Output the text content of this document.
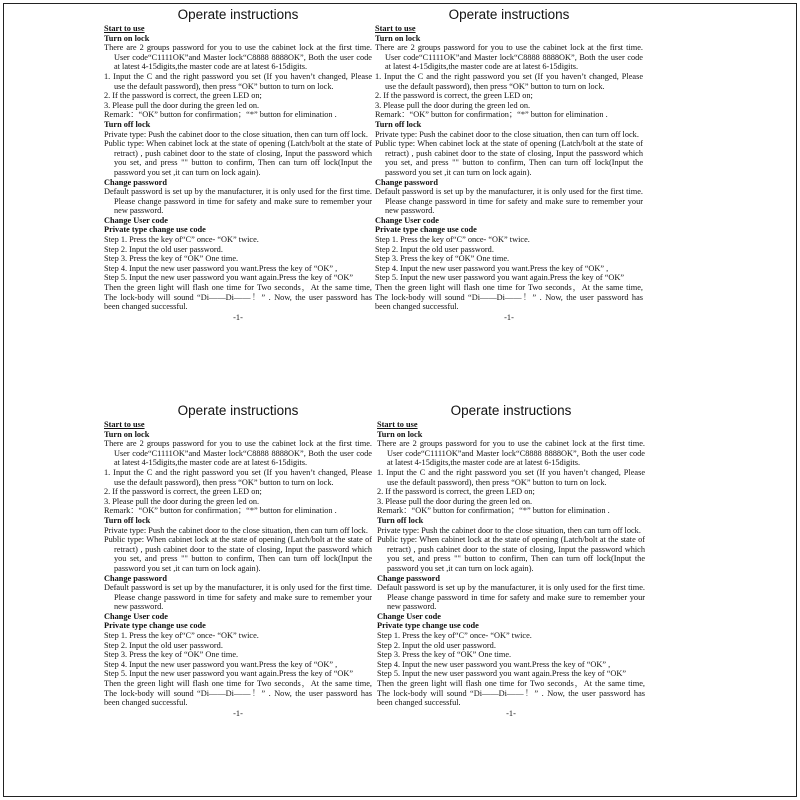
Operate instructions

Start to use

Turn on lock

There are 2 groups password for you to use the cabinet lock at the first time. User code“C1111OK”and Master lock“C8888 8888OK”, Both the user code at latest 4-15digits,the master code are at latest 6-15digits.

1. Input the C and the right password you set (If you haven’t changed, Please use the default password), then press “OK” button to turn on lock.

2. If the password is correct, the green LED on;

3. Please pull the door during the green led on.

Remark：“OK” button for confirmation；“*” button for elimination .

Turn off lock

Private type: Push the cabinet door to the close situation, then can turn off lock.

Public type: When cabinet lock at the state of opening (Latch/bolt at the state of retract) , push cabinet door to the state of closing, Input the password which you set, and press "" button to confirm, Then can turn off lock(Input the password you set ,it can turn on lock again).

Change password

Default password is set up by the manufacturer, it is only used for the first time. Please change password in time for safety and make sure to remember your new password.

Change User code

Private type change use code

Step 1. Press the key of“C” once- “OK” twice.

Step 2. Input the old user password.

Step 3. Press the key of “OK” One time.

Step 4. Input the new user password you want.Press the key of “OK” ,

Step 5. Input the new user password you want again.Press the key of “OK”

Then the green light will flash one time for Two seconds，At the same time, The lock-body will sound “Di——Di——！” . Now, the user password has been changed successful.

-1-
Operate instructions

Start to use

Turn on lock

There are 2 groups password for you to use the cabinet lock at the first time. User code“C1111OK”and Master lock“C8888 8888OK”, Both the user code at latest 4-15digits,the master code are at latest 6-15digits.

1. Input the C and the right password you set (If you haven’t changed, Please use the default password), then press “OK” button to turn on lock.

2. If the password is correct, the green LED on;

3. Please pull the door during the green led on.

Remark：“OK” button for confirmation；“*” button for elimination .

Turn off lock

Private type: Push the cabinet door to the close situation, then can turn off lock.

Public type: When cabinet lock at the state of opening (Latch/bolt at the state of retract) , push cabinet door to the state of closing, Input the password which you set, and press "" button to confirm, Then can turn off lock(Input the password you set ,it can turn on lock again).

Change password

Default password is set up by the manufacturer, it is only used for the first time. Please change password in time for safety and make sure to remember your new password.

Change User code

Private type change use code

Step 1. Press the key of“C” once- “OK” twice.

Step 2. Input the old user password.

Step 3. Press the key of “OK” One time.

Step 4. Input the new user password you want.Press the key of “OK” ,

Step 5. Input the new user password you want again.Press the key of “OK”

Then the green light will flash one time for Two seconds，At the same time, The lock-body will sound “Di——Di——！” . Now, the user password has been changed successful.

-1-
Operate instructions

Start to use

Turn on lock

There are 2 groups password for you to use the cabinet lock at the first time. User code“C1111OK”and Master lock“C8888 8888OK”, Both the user code at latest 4-15digits,the master code are at latest 6-15digits.

1. Input the C and the right password you set (If you haven’t changed, Please use the default password), then press “OK” button to turn on lock.

2. If the password is correct, the green LED on;

3. Please pull the door during the green led on.

Remark：“OK” button for confirmation；“*” button for elimination .

Turn off lock

Private type: Push the cabinet door to the close situation, then can turn off lock.

Public type: When cabinet lock at the state of opening (Latch/bolt at the state of retract) , push cabinet door to the state of closing, Input the password which you set, and press "" button to confirm, Then can turn off lock(Input the password you set ,it can turn on lock again).

Change password

Default password is set up by the manufacturer, it is only used for the first time. Please change password in time for safety and make sure to remember your new password.

Change User code

Private type change use code

Step 1. Press the key of“C” once- “OK” twice.

Step 2. Input the old user password.

Step 3. Press the key of “OK” One time.

Step 4. Input the new user password you want.Press the key of “OK” ,

Step 5. Input the new user password you want again.Press the key of “OK”

Then the green light will flash one time for Two seconds，At the same time, The lock-body will sound “Di——Di——！” . Now, the user password has been changed successful.

-1-
Operate instructions

Start to use

Turn on lock

There are 2 groups password for you to use the cabinet lock at the first time. User code“C1111OK”and Master lock“C8888 8888OK”, Both the user code at latest 4-15digits,the master code are at latest 6-15digits.

1. Input the C and the right password you set (If you haven’t changed, Please use the default password), then press “OK” button to turn on lock.

2. If the password is correct, the green LED on;

3. Please pull the door during the green led on.

Remark：“OK” button for confirmation；“*” button for elimination .

Turn off lock

Private type: Push the cabinet door to the close situation, then can turn off lock.

Public type: When cabinet lock at the state of opening (Latch/bolt at the state of retract) , push cabinet door to the state of closing, Input the password which you set, and press "" button to confirm, Then can turn off lock(Input the password you set ,it can turn on lock again).

Change password

Default password is set up by the manufacturer, it is only used for the first time. Please change password in time for safety and make sure to remember your new password.

Change User code

Private type change use code

Step 1. Press the key of“C” once- “OK” twice.

Step 2. Input the old user password.

Step 3. Press the key of “OK” One time.

Step 4. Input the new user password you want.Press the key of “OK” ,

Step 5. Input the new user password you want again.Press the key of “OK”

Then the green light will flash one time for Two seconds，At the same time, The lock-body will sound “Di——Di——！” . Now, the user password has been changed successful.

-1-
